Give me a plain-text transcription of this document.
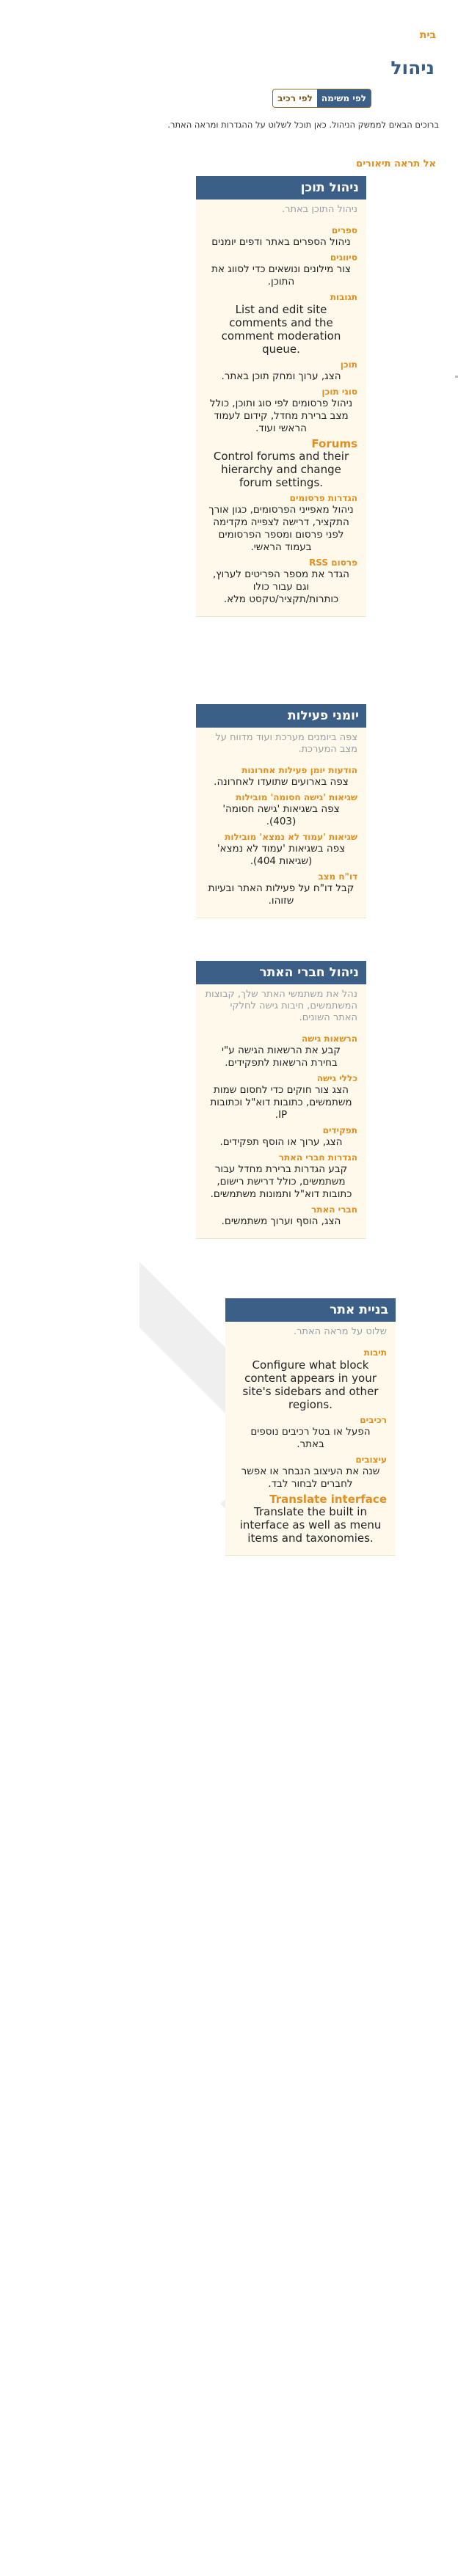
בית
ניהול
לפי משימה
לפי רכיב
ברוכים הבאים לממשק הניהול. כאן תוכל לשלוט על ההגדרות ומראה האתר.
אל תראה תיאורים
ניהול תוכן
ניהול התוכן באתר.
ספרים
ניהול הספרים באתר ודפים יומנים
סיווגים
צור מילונים ונושאים כדי לסווג את התוכן.
תגובות
List and edit site comments and the comment moderation queue.
תוכן
הצג, ערוך ומחק תוכן באתר.
סוגי תוכן
ניהול פרסומים לפי סוג ותוכן, כולל מצב ברירת מחדל, קידום לעמוד הראשי ועוד.
Forums
Control forums and their hierarchy and change forum settings.
הגדרות פרסומים
ניהול מאפייני הפרסומים, כגון אורך התקציר, דרישה לצפייה מקדימה לפני פרסום ומספר הפרסומים בעמוד הראשי.
פרסום RSS
הגדר את מספר הפריטים לערוץ, וגם עבור כולו כותרות/תקציר/טקסט מלא.
יומני פעילות
צפה ביומנים מערכת ועוד מדווח על מצב המערכת.
הודעות יומן פעילות אחרונות
צפה בארועים שתועדו לאחרונה.
שגיאות 'גישה חסומה' מובילות
צפה בשגיאות 'גישה חסומה' (403).
שגיאות 'עמוד לא נמצא' מובילות
צפה בשגיאות 'עמוד לא נמצא' (שגיאות 404).
דו"ח מצב
קבל דו"ח על פעילות האתר ובעיות שזוהו.
ניהול חברי האתר
נהל את משתמשי האתר שלך, קבוצות המשתמשים, חיבות גישה לחלקי האתר השונים.
הרשאות גישה
קבע את הרשאות הגישה ע"י בחירת הרשאות לתפקידים.
כללי גישה
הצג צור חוקים כדי לחסום שמות משתמשים, כתובות דוא"ל וכתובות IP.
תפקידים
הצג, ערוך או הוסף תפקידים.
הגדרות חברי האתר
קבע הגדרות ברירת מחדל עבור משתמשים, כולל דרישת רישום, כתובות דוא"ל ותמונות משתמשים.
חברי האתר
הצג, הוסף וערוך משתמשים.
בניית אתר
שלוט על מראה האתר.
תיבות
Configure what block content appears in your site's sidebars and other regions.
רכיבים
הפעל או בטל רכיבים נוספים באתר.
עיצובים
שנה את העיצוב הנבחר או אפשר לחברים לבחור לבד.
Translate interface
Translate the built in interface as well as menu items and taxonomies.
